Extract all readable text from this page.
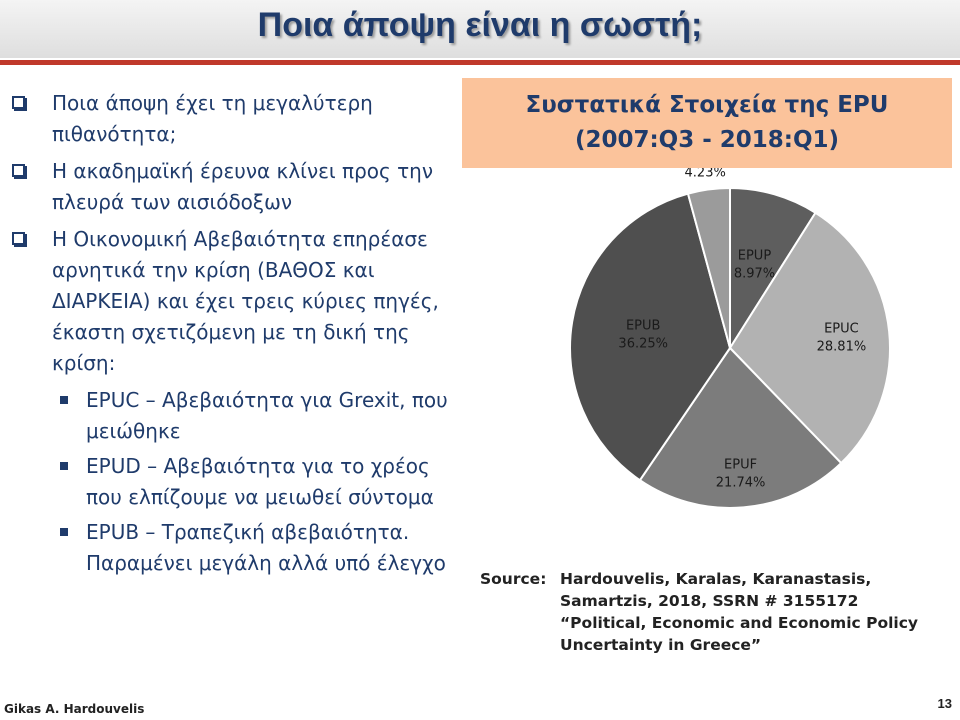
Ποια άποψη είναι η σωστή;
Ποια άποψη έχει τη μεγαλύτερη πιθανότητα;
Η ακαδημαϊκή έρευνα κλίνει προς την πλευρά των αισιόδοξων
Η Οικονομική Αβεβαιότητα επηρέασε αρνητικά την κρίση (ΒΑΘΟΣ και ΔΙΑΡΚΕΙΑ) και έχει τρεις κύριες πηγές, έκαστη σχετιζόμενη με τη δική της κρίση:
EPUC – Αβεβαιότητα για Grexit, που μειώθηκε
EPUD – Αβεβαιότητα για το χρέος που ελπίζουμε να μειωθεί σύντομα
EPUB – Τραπεζική αβεβαιότητα. Παραμένει μεγάλη αλλά υπό έλεγχο
Συστατικά Στοιχεία της EPU
(2007:Q3 - 2018:Q1)
EPUP
8.97%
EPUC
28.81%
EPUF
21.74%
EPUB
36.25%
4.23%
Source: Hardouvelis, Karalas, Karanastasis,
Samartzis, 2018, SSRN # 3155172
“Political, Economic and Economic Policy
Uncertainty in Greece”
Gikas A. Hardouvelis	13
